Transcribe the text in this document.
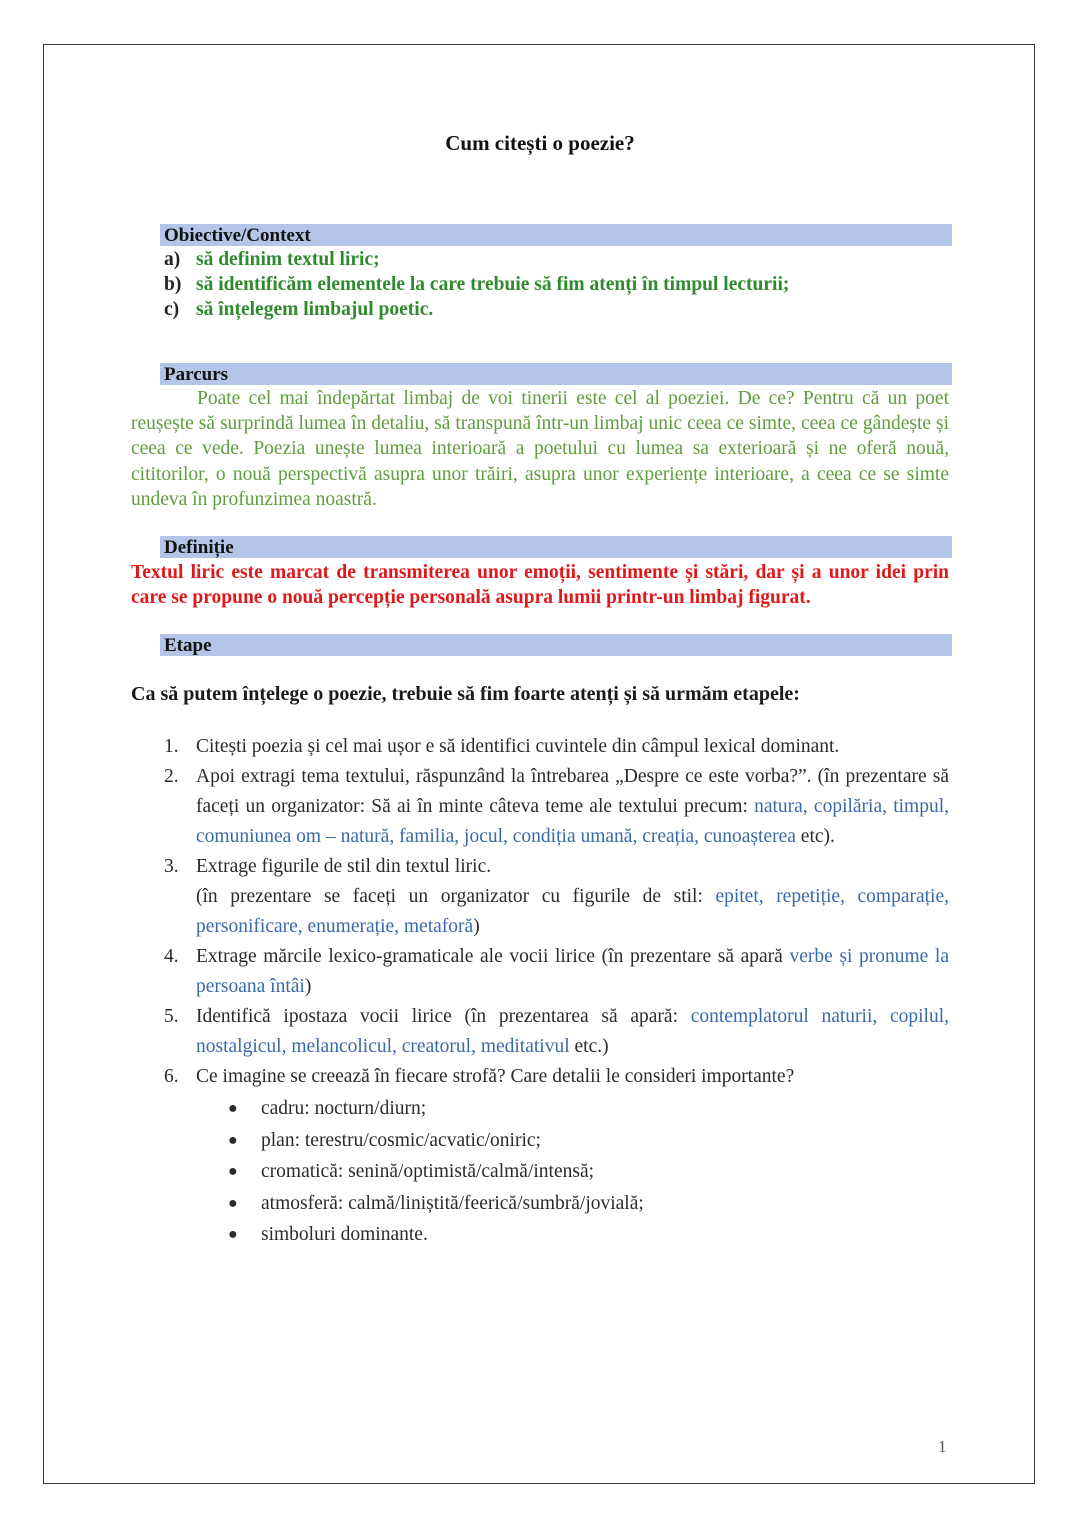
Cum citești o poezie?
Obiective/Context
a) să definim textul liric;
b) să identificăm elementele la care trebuie să fim atenți în timpul lecturii;
c) să înțelegem limbajul poetic.
Parcurs
Poate cel mai îndepărtat limbaj de voi tinerii este cel al poeziei. De ce? Pentru că un poet reușește să surprindă lumea în detaliu, să transpună într-un limbaj unic ceea ce simte, ceea ce gândește și ceea ce vede. Poezia unește lumea interioară a poetului cu lumea sa exterioară și ne oferă nouă, cititorilor, o nouă perspectivă asupra unor trăiri, asupra unor experiențe interioare, a ceea ce se simte undeva în profunzimea noastră.
Definiție
Textul liric este marcat de transmiterea unor emoții, sentimente și stări, dar și a unor idei prin care se propune o nouă percepție personală asupra lumii printr-un limbaj figurat.
Etape
Ca să putem înțelege o poezie, trebuie să fim foarte atenți și să urmăm etapele:
1. Citești poezia și cel mai ușor e să identifici cuvintele din câmpul lexical dominant.
2. Apoi extragi tema textului, răspunzând la întrebarea „Despre ce este vorba?”. (în prezentare să faceți un organizator: Să ai în minte câteva teme ale textului precum: natura, copilăria, timpul, comuniunea om – natură, familia, jocul, condiția umană, creația, cunoașterea etc).
3. Extrage figurile de stil din textul liric.
(în prezentare se faceți un organizator cu figurile de stil: epitet, repetiție, comparație, personificare, enumerație, metaforă)
4. Extrage mărcile lexico-gramaticale ale vocii lirice (în prezentare să apară verbe și pronume la persoana întâi)
5. Identifică ipostaza vocii lirice (în prezentarea să apară: contemplatorul naturii, copilul, nostalgicul, melancolicul, creatorul, meditativul etc.)
6. Ce imagine se creează în fiecare strofă? Care detalii le consideri importante?
●	cadru: nocturn/diurn;
●	plan: terestru/cosmic/acvatic/oniric;
●	cromatică: senină/optimistă/calmă/intensă;
●	atmosferă: calmă/liniștită/feerică/sumbră/jovială;
●	simboluri dominante.
1
